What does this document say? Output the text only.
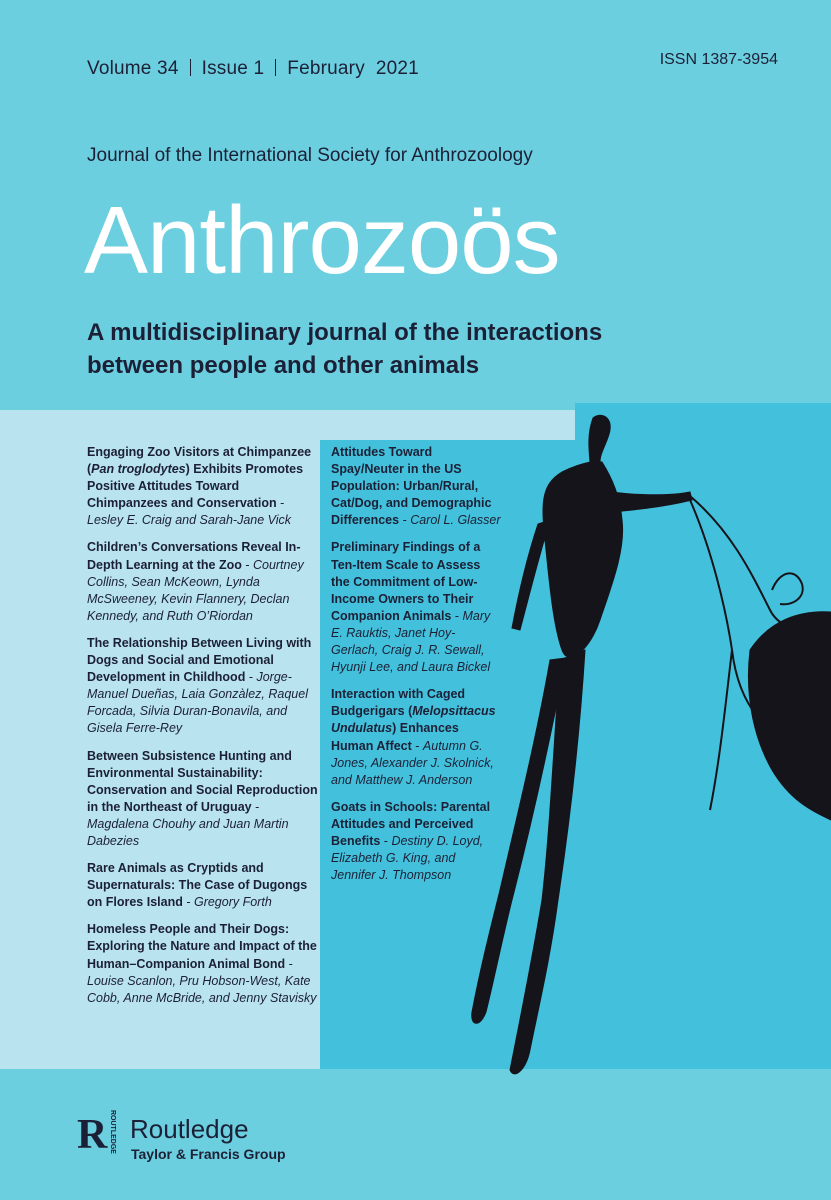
Volume 34 Issue 1 February  2021	ISSN 1387-3954
Journal of the International Society for Anthrozoology
Anthrozoös
A multidisciplinary journal of the interactions between people and other animals
Engaging Zoo Visitors at Chimpanzee (Pan troglodytes) Exhibits Promotes Positive Attitudes Toward Chimpanzees and Conservation - Lesley E. Craig and Sarah-Jane Vick
Children’s Conversations Reveal In-Depth Learning at the Zoo - Courtney Collins, Sean McKeown, Lynda McSweeney, Kevin Flannery, Declan Kennedy, and Ruth O’Riordan
The Relationship Between Living with Dogs and Social and Emotional Development in Childhood - Jorge-Manuel Dueñas, Laia Gonzàlez, Raquel Forcada, Silvia Duran-Bonavila, and Gisela Ferre-Rey
Between Subsistence Hunting and Environmental Sustainability: Conservation and Social Reproduction in the Northeast of Uruguay - Magdalena Chouhy and Juan Martin Dabezies
Rare Animals as Cryptids and Supernaturals: The Case of Dugongs on Flores Island - Gregory Forth
Homeless People and Their Dogs: Exploring the Nature and Impact of the Human–Companion Animal Bond - Louise Scanlon, Pru Hobson-West, Kate Cobb, Anne McBride, and Jenny Stavisky
Attitudes Toward Spay/Neuter in the US Population: Urban/Rural, Cat/Dog, and Demographic Differences - Carol L. Glasser
Preliminary Findings of a Ten-Item Scale to Assess the Commitment of Low-Income Owners to Their Companion Animals - Mary E. Rauktis, Janet Hoy-Gerlach, Craig J. R. Sewall, Hyunji Lee, and Laura Bickel
Interaction with Caged Budgerigars (Melopsittacus Undulatus) Enhances Human Affect - Autumn G. Jones, Alexander J. Skolnick, and Matthew J. Anderson
Goats in Schools: Parental Attitudes and Perceived Benefits - Destiny D. Loyd, Elizabeth G. King, and Jennifer J. Thompson
R ROUTLEDGE Routledge
Taylor & Francis Group
